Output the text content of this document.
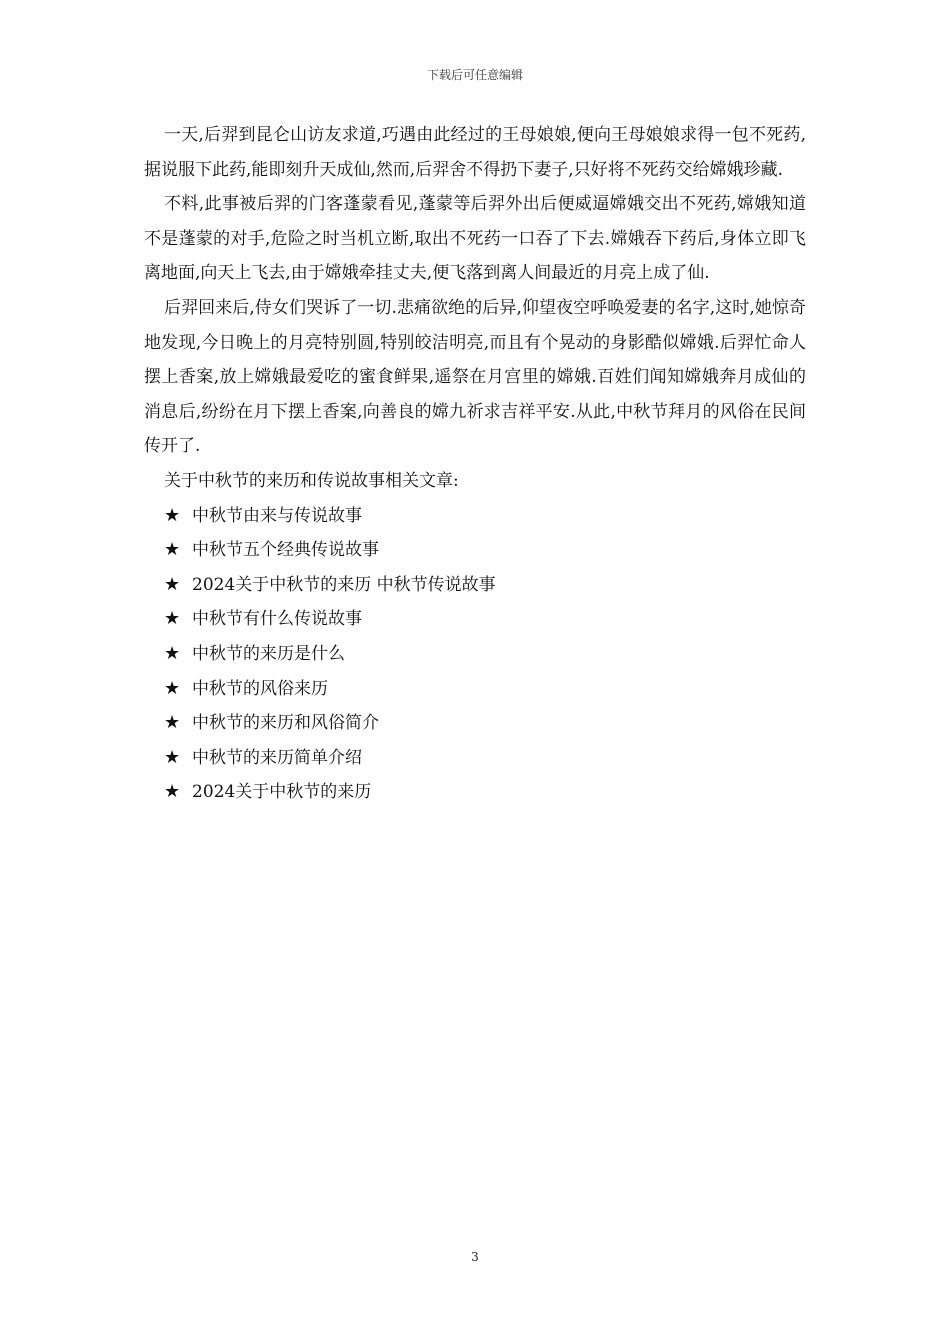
下载后可任意编辑

一天,后羿到昆仑山访友求道,巧遇由此经过的王母娘娘,便向王母娘娘求得一包不死药,据说服下此药,能即刻升天成仙,然而,后羿舍不得扔下妻子,只好将不死药交给嫦娥珍藏.

不料,此事被后羿的门客蓬蒙看见,蓬蒙等后羿外出后便威逼嫦娥交出不死药,嫦娥知道不是蓬蒙的对手,危险之时当机立断,取出不死药一口吞了下去.嫦娥吞下药后,身体立即飞离地面,向天上飞去,由于嫦娥牵挂丈夫,便飞落到离人间最近的月亮上成了仙.

后羿回来后,侍女们哭诉了一切.悲痛欲绝的后异,仰望夜空呼唤爱妻的名字,这时,她惊奇地发现,今日晚上的月亮特别圆,特别皎洁明亮,而且有个晃动的身影酷似嫦娥.后羿忙命人摆上香案,放上嫦娥最爱吃的蜜食鲜果,遥祭在月宫里的嫦娥.百姓们闻知嫦娥奔月成仙的消息后,纷纷在月下摆上香案,向善良的嫦九祈求吉祥平安.从此,中秋节拜月的风俗在民间传开了.

关于中秋节的来历和传说故事相关文章:

★ 中秋节由来与传说故事
★ 中秋节五个经典传说故事
★ 2024关于中秋节的来历 中秋节传说故事
★ 中秋节有什么传说故事
★ 中秋节的来历是什么
★ 中秋节的风俗来历
★ 中秋节的来历和风俗简介
★ 中秋节的来历简单介绍
★ 2024关于中秋节的来历
3
